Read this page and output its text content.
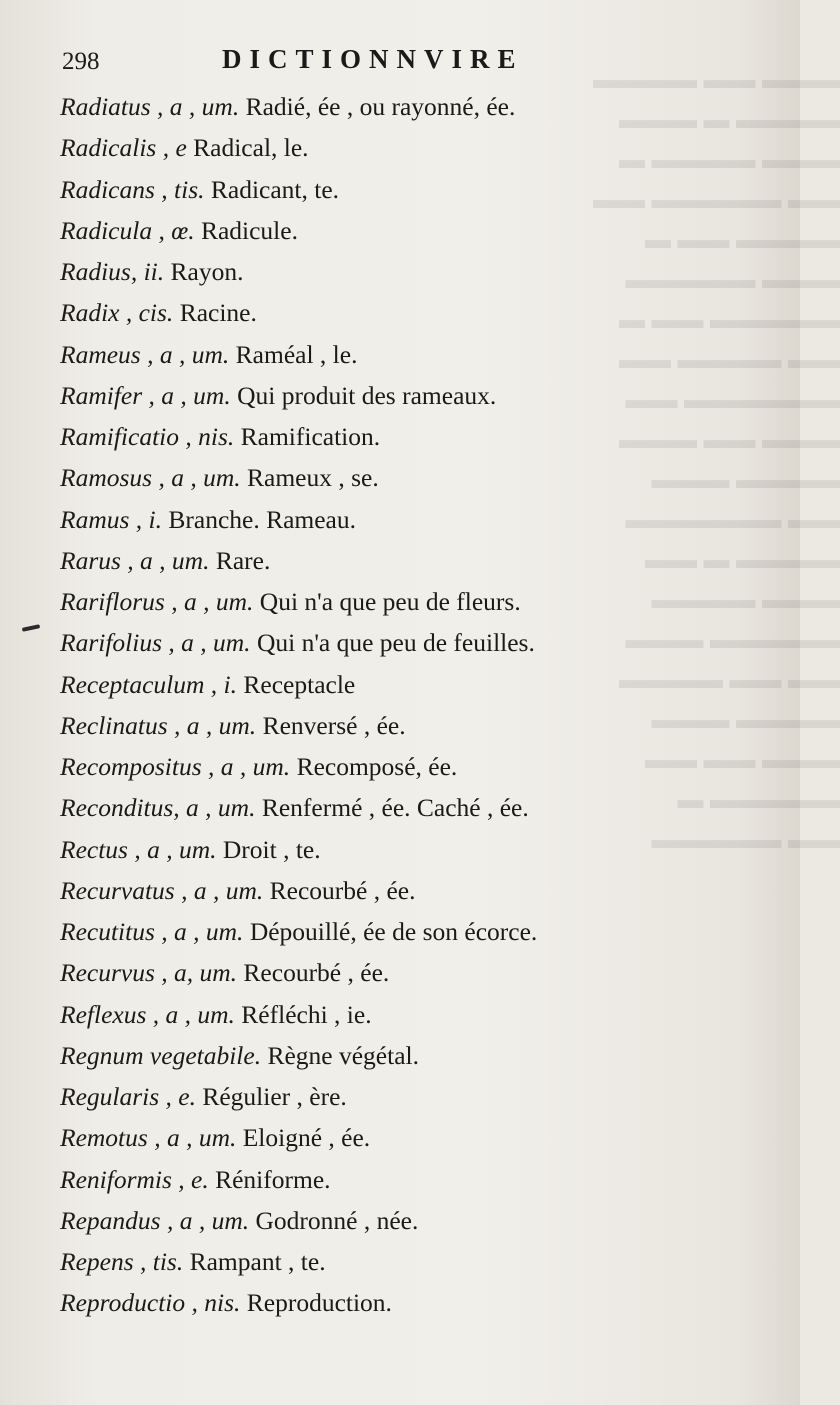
▬▬▬ ▬▬ ▬▬▬▬
▬▬▬▬ ▬ ▬▬▬
▬▬▬ ▬▬▬▬ ▬
▬▬ ▬▬▬▬▬ ▬▬
▬▬▬▬ ▬▬ ▬
▬▬▬ ▬▬▬▬▬
▬▬▬▬▬ ▬▬ ▬
▬▬ ▬▬▬▬ ▬▬
▬▬▬▬▬▬ ▬▬
▬▬▬ ▬▬ ▬▬▬
▬▬▬▬ ▬▬▬
▬▬ ▬▬▬▬▬▬
▬▬▬▬ ▬ ▬▬
▬▬▬ ▬▬▬▬
▬▬▬▬▬ ▬▬▬
▬▬ ▬▬ ▬▬▬▬
▬▬▬▬ ▬▬▬
▬▬▬ ▬▬ ▬▬
▬▬▬▬▬ ▬
▬▬ ▬▬▬▬▬
298	DICTIONNVIRE
Radiatus , a , um. Radié, ée , ou rayonné, ée.
Radicalis , e Radical, le.
Radicans , tis. Radicant, te.
Radicula , œ. Radicule.
Radius, ii. Rayon.
Radix , cis. Racine.
Rameus , a , um. Raméal , le.
Ramifer , a , um. Qui produit des rameaux.
Ramificatio , nis. Ramification.
Ramosus , a , um. Rameux , se.
Ramus , i. Branche. Rameau.
Rarus , a , um. Rare.
Rariflorus , a , um. Qui n'a que peu de fleurs.
Rarifolius , a , um. Qui n'a que peu de feuilles.
Receptaculum , i. Receptacle
Reclinatus , a , um. Renversé , ée.
Recompositus , a , um. Recomposé, ée.
Reconditus, a , um. Renfermé , ée. Caché , ée.
Rectus , a , um. Droit , te.
Recurvatus , a , um. Recourbé , ée.
Recutitus , a , um. Dépouillé, ée de son écorce.
Recurvus , a, um. Recourbé , ée.
Reflexus , a , um. Réfléchi , ie.
Regnum vegetabile. Règne végétal.
Regularis , e. Régulier , ère.
Remotus , a , um. Eloigné , ée.
Reniformis , e. Réniforme.
Repandus , a , um. Godronné , née.
Repens , tis. Rampant , te.
Reproductio , nis. Reproduction.
